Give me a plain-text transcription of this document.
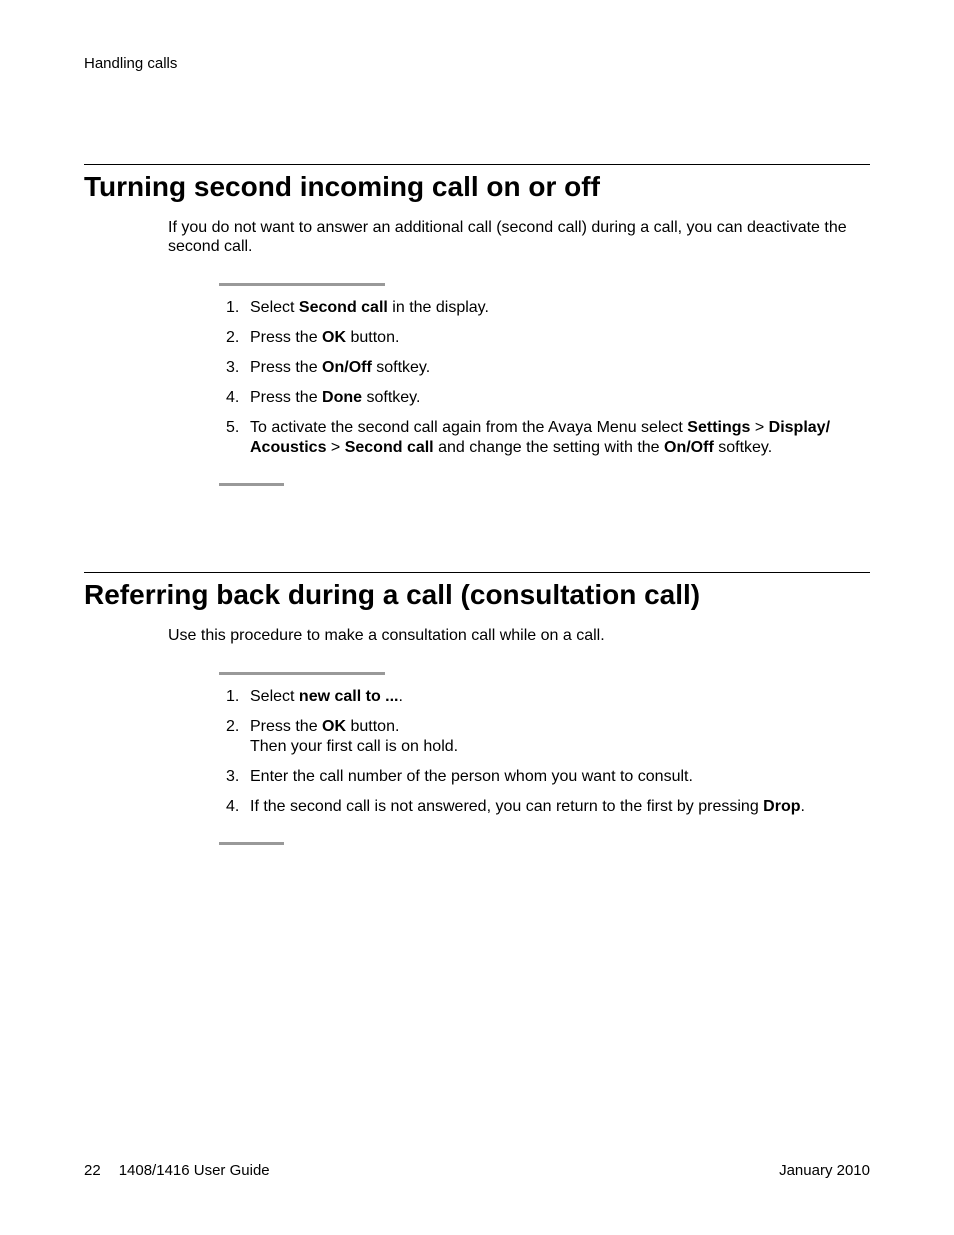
Handling calls
Turning second incoming call on or off

If you do not want to answer an additional call (second call) during a call, you can deactivate the second call.

1. Select Second call in the display.
2. Press the OK button.
3. Press the On/Off softkey.
4. Press the Done softkey.
5. To activate the second call again from the Avaya Menu select Settings > Display/ Acoustics > Second call and change the setting with the On/Off softkey.
Referring back during a call (consultation call)

Use this procedure to make a consultation call while on a call.

1. Select new call to ....
2. Press the OK button.
Then your first call is on hold.
3. Enter the call number of the person whom you want to consult.
4. If the second call is not answered, you can return to the first by pressing Drop.
22 1408/1416 User Guide	January 2010
